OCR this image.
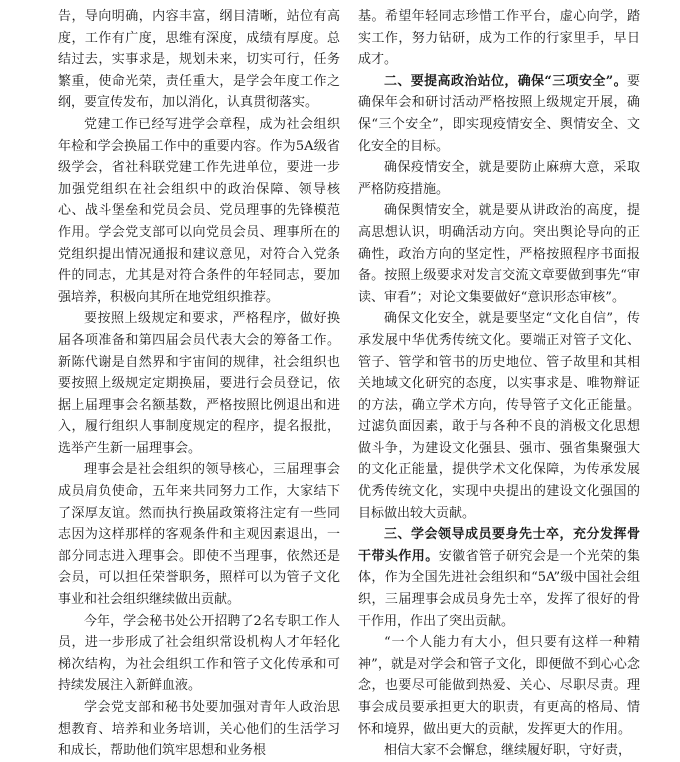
告，导向明确，内容丰富，纲目清晰，站位有高度，工作有广度，思维有深度，成绩有厚度。总结过去，实事求是，规划未来，切实可行，任务繁重，使命光荣，责任重大，是学会年度工作之纲，要宣传发布，加以消化，认真贯彻落实。

党建工作已经写进学会章程，成为社会组织年检和学会换届工作中的重要内容。作为5A级省级学会，省社科联党建工作先进单位，要进一步加强党组织在社会组织中的政治保障、领导核心、战斗堡垒和党员会员、党员理事的先锋模范作用。学会党支部可以向党员会员、理事所在的党组织提出情况通报和建议意见，对符合入党条件的同志，尤其是对符合条件的年轻同志，要加强培养，积极向其所在地党组织推荐。

要按照上级规定和要求，严格程序，做好换届各项准备和第四届会员代表大会的筹备工作。新陈代谢是自然界和宇宙间的规律，社会组织也要按照上级规定定期换届，要进行会员登记，依据上届理事会名额基数，严格按照比例退出和进入，履行组织人事制度规定的程序，提名报批，选举产生新一届理事会。

理事会是社会组织的领导核心，三届理事会成员肩负使命，五年来共同努力工作，大家结下了深厚友谊。然而执行换届政策将注定有一些同志因为这样那样的客观条件和主观因素退出，一部分同志进入理事会。即使不当理事，依然还是会员，可以担任荣誉职务，照样可以为管子文化事业和社会组织继续做出贡献。

今年，学会秘书处公开招聘了2名专职工作人员，进一步形成了社会组织常设机构人才年轻化梯次结构，为社会组织工作和管子文化传承和可持续发展注入新鲜血液。

学会党支部和秘书处要加强对青年人政治思想教育、培养和业务培训，关心他们的生活学习和成长，帮助他们筑牢思想和业务根

基。希望年轻同志珍惜工作平台，虚心向学，踏实工作，努力钻研，成为工作的行家里手，早日成才。

二、要提高政治站位，确保“三项安全”。要确保年会和研讨活动严格按照上级规定开展，确保“三个安全”，即实现疫情安全、舆情安全、文化安全的目标。

确保疫情安全，就是要防止麻痹大意，采取严格防疫措施。

确保舆情安全，就是要从讲政治的高度，提高思想认识，明确活动方向。突出舆论导向的正确性，政治方向的坚定性，严格按照程序书面报备。按照上级要求对发言交流文章要做到事先“审读、审看”；对论文集要做好“意识形态审核”。

确保文化安全，就是要坚定“文化自信”，传承发展中华优秀传统文化。要端正对管子文化、管子、管学和管书的历史地位、管子故里和其相关地域文化研究的态度，以实事求是、唯物辩证的方法，确立学术方向，传导管子文化正能量。过滤负面因素，敢于与各种不良的消极文化思想做斗争，为建设文化强县、强市、强省集聚强大的文化正能量，提供学术文化保障，为传承发展优秀传统文化，实现中央提出的建设文化强国的目标做出较大贡献。

三、学会领导成员要身先士卒，充分发挥骨干带头作用。安徽省管子研究会是一个光荣的集体，作为全国先进社会组织和“5A”级中国社会组织，三届理事会成员身先士卒，发挥了很好的骨干作用，作出了突出贡献。

“一个人能力有大小，但只要有这样一种精神”，就是对学会和管子文化，即便做不到心心念念，也要尽可能做到热爱、关心、尽职尽责。理事会成员要承担更大的职责，有更高的格局、情怀和境界，做出更大的贡献，发挥更大的作用。

相信大家不会懈怠，继续履好职，守好责，
